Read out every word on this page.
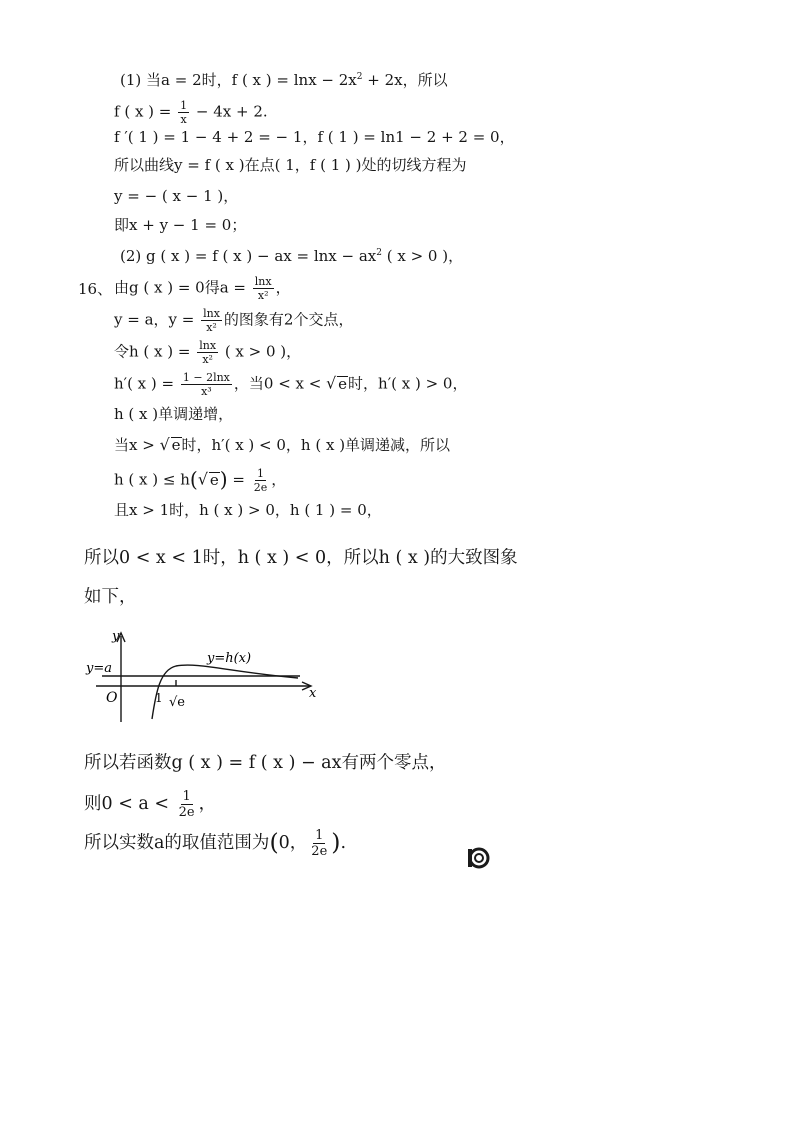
(1) 当a = 2时，f ( x ) = $\ln x - 2x^2 + 2x$，所以
f ( x ) = $\frac{1}{x} - 4x + 2$.
f ′( 1 ) = 1 − 4 + 2 = − 1，f ( 1 ) = ln1 − 2 + 2 = 0，
所以曲线y = f ( x )在点( 1，f ( 1 ) )处的切线方程为
y = − ( x − 1 )，
即x + y − 1 = 0；
(2) g ( x ) = f ( x ) − ax = $\ln x - ax^2$ ( x > 0 )，
16、 由g ( x ) = 0得$a = \frac{\ln x}{\text{x²}}$ ，
y = a，$y = \frac{\ln x}{\text{x²}}$ 的图象有2个交点，
令h ( x ) = $\frac{\ln x}{\text{x²}}$ ( x > 0 )，
h′( x ) = $\frac{1 - 2\ln x}{\text{x³}}$ ，当0 < x < √ e时，h′( x ) > 0，
h ( x )单调递增，
当x > √ e时，h′( x ) < 0，h ( x )单调递减，所以
h ( x ) ≤ h(√ $e) = \frac{1}{2e}$ ，
且x > 1时，h ( x ) > 0，h ( 1 ) = 0，
所以0 < x < 1时，h ( x ) < 0，所以h ( x )的大致图象
如下，
y
x
O
y=a
y=h(x)
1 √e
所以若函数g ( x ) = f ( x ) − ax有两个零点，
则$0 < a < \frac{1}{2e}$ ，
所以实数a的取值范围为(0， $\frac{1}{2e}$ ).
